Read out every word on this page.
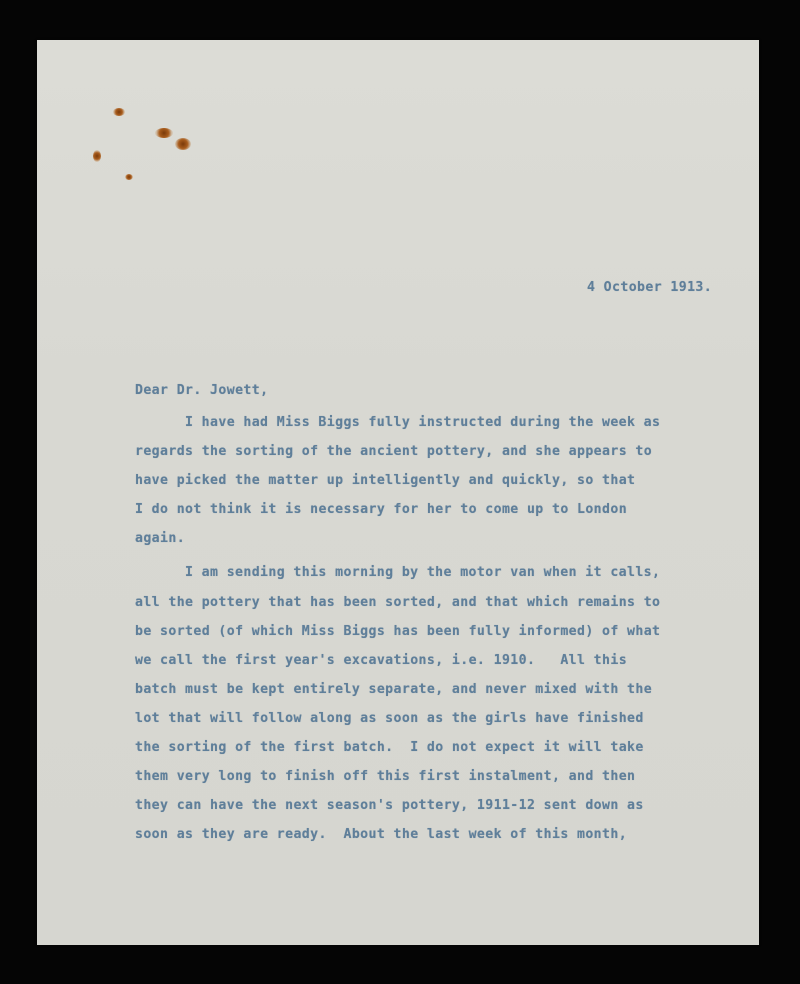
4 October 1913.
Dear Dr. Jowett,
I have had Miss Biggs fully instructed during the week as
regards the sorting of the ancient pottery, and she appears to
have picked the matter up intelligently and quickly, so that
I do not think it is necessary for her to come up to London
again.
I am sending this morning by the motor van when it calls,
all the pottery that has been sorted, and that which remains to
be sorted (of which Miss Biggs has been fully informed) of what
we call the first year's excavations, i.e. 1910.   All this
batch must be kept entirely separate, and never mixed with the
lot that will follow along as soon as the girls have finished
the sorting of the first batch.  I do not expect it will take
them very long to finish off this first instalment, and then
they can have the next season's pottery, 1911-12 sent down as
soon as they are ready.  About the last week of this month,
